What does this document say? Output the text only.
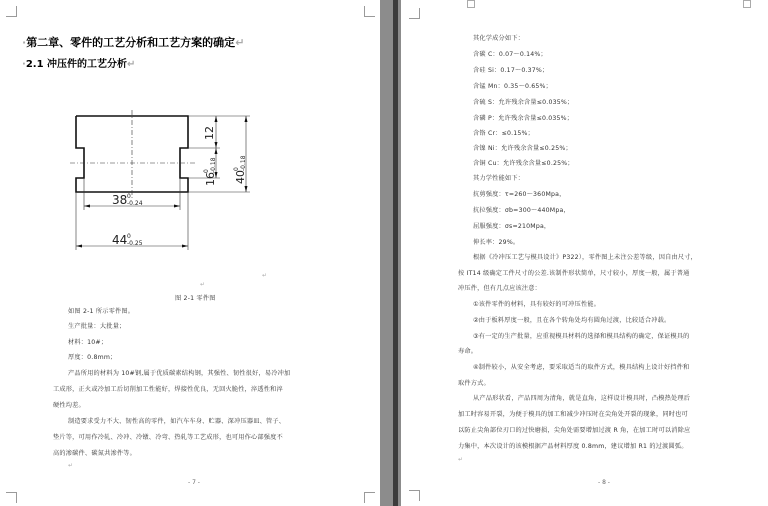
·第二章、零件的工艺分析和工艺方案的确定↵
·2.1 冲压件的工艺分析↵
38 0
-0.24
44 0
-0.25
12
16
0 -0.18
40
0 -0.18
↵
↵
图 2-1 零件图
如图 2-1 所示零件图。
生产批量：大批量；
材料：10#；
厚度：0.8mm；
产品所用的材料为 10#钢,属于优质碳素结构钢，其强性、韧性很好，易冷冲加
工成形，正火或冷加工后切削加工性能好，焊接性优良，无回火脆性，淬透性和淬
硬性均差。
制造要求受力不大、韧性高的零件，如汽车车身、贮器、深冲压器皿、管子、
垫片等，可用作冷轧、冷冲、冷镦、冷弯、热轧等工艺成形，也可用作心部强度不
高的渗碳件、碳氮共渗件等。
↵
- 7 -
其化学成分如下：
含碳 C：0.07～0.14%；
含硅 Si：0.17～0.37%；
含锰 Mn：0.35～0.65%；
含硫 S：允许残余含量≤0.035%；
含磷 P：允许残余含量≤0.035%；
含铬 Cr：≤0.15%；
含镍 Ni：允许残余含量≤0.25%；
含铜 Cu：允许残余含量≤0.25%；
其力学性能如下：
抗剪强度：τ=260～360Mpa，
抗拉强度：σb=300～440Mpa，
屈服强度：σs=210Mpa，
伸长率：29%。
根据《冷冲压工艺与模具设计》P322），零件图上未注公差等级，因自由尺寸，
按 IT14 级确定工件尺寸的公差.该制件形状简单，尺寸较小，厚度一般，属于普通
冲压件，但有几点应该注意：
①该件零件的材料，具有较好的可冲压性能。
②由于板料厚度一般，且在各个转角处均有圆角过渡，比较适合冲载。
③有一定的生产批量，应重视模具材料的选择和模具结构的确定，保证模具的
寿命。
④制件较小，从安全考虑，要采取适当的取件方式，模具结构上设计好挡件和
取件方式。
从产品形状看，产品四周为清角，就是直角，这样设计模具时，凸模热处理后
加工时容易开裂，为便于模具的加工和减少冲压时在尖角处开裂的现象，同时也可
以防止尖角部位刃口的过快磨损，尖角处需要增加过渡 R 角，在加工时可以消除应
力集中，本次设计的该模根据产品材料厚度 0.8mm，建议增加 R1 的过渡圆弧。
↵
- 8 -
